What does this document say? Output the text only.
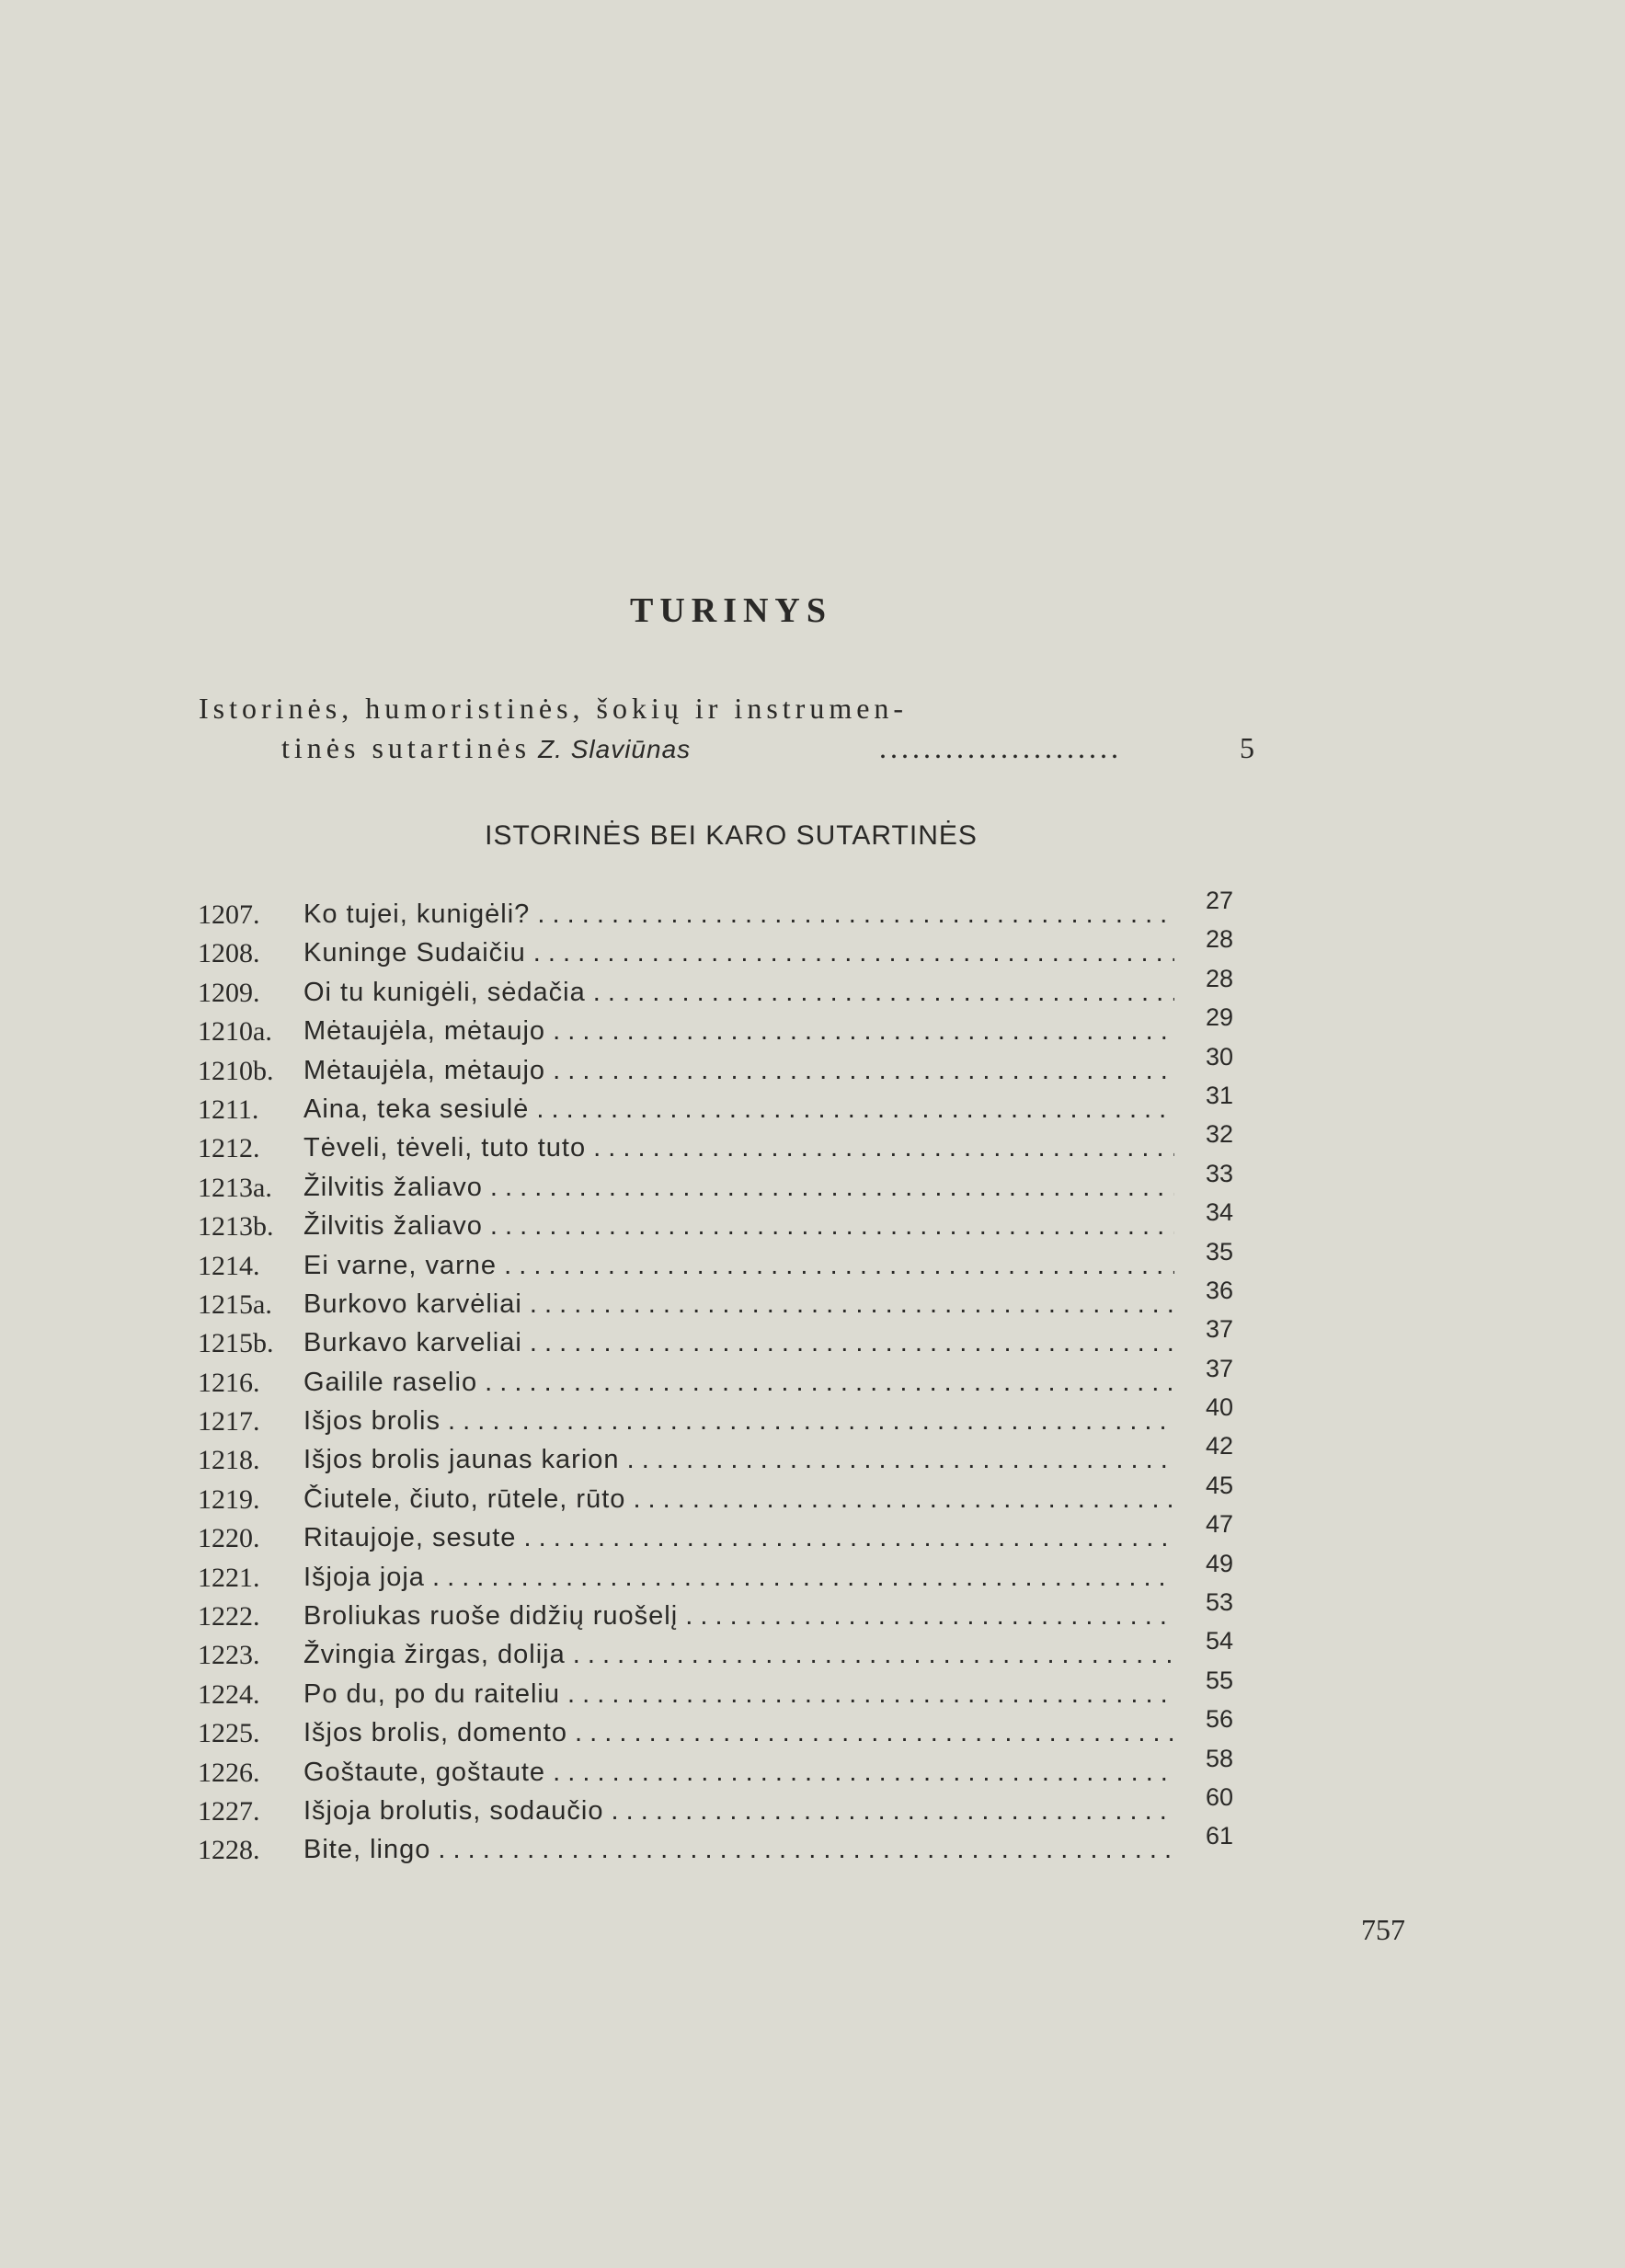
TURINYS
Istorinės, humoristinės, šokių ir instrumen-
tinės sutartinės Z. Slaviūnas	......................	5
ISTORINĖS BEI KARO SUTARTINĖS
1207. Ko tujei, kunigėli? . . .	27
1208. Kuninge Sudaičiu . . .	28
1209. Oi tu kunigėli, sėdačia . . .	28
1210a. Mėtaujėla, mėtaujo . . .	29
1210b. Mėtaujėla, mėtaujo . . .	30
1211. Aina, teka sesiulė . . .	31
1212. Tėveli, tėveli, tuto tuto . . .	32
1213a. Žilvitis žaliavo . . .	33
1213b. Žilvitis žaliavo . . .	34
1214. Ei varne, varne . . .	35
1215a. Burkovo karvėliai . . .	36
1215b. Burkavo karveliai . . .	37
1216. Gailile raselio . . .	37
1217. Išjos brolis . . .	40
1218. Išjos brolis jaunas karion . . .	42
1219. Čiutele, čiuto, rūtele, rūto . . .	45
1220. Ritaujoje, sesute . . .	47
1221. Išjoja joja . . .	49
1222. Broliukas ruoše didžių ruošelį . . .	53
1223. Žvingia žirgas, dolija . . .	54
1224. Po du, po du raiteliu . . .	55
1225. Išjos brolis, domento . . .	56
1226. Goštaute, goštaute . . .	58
1227. Išjoja brolutis, sodaučio . . .	60
1228. Bite, lingo . . .	61
757
